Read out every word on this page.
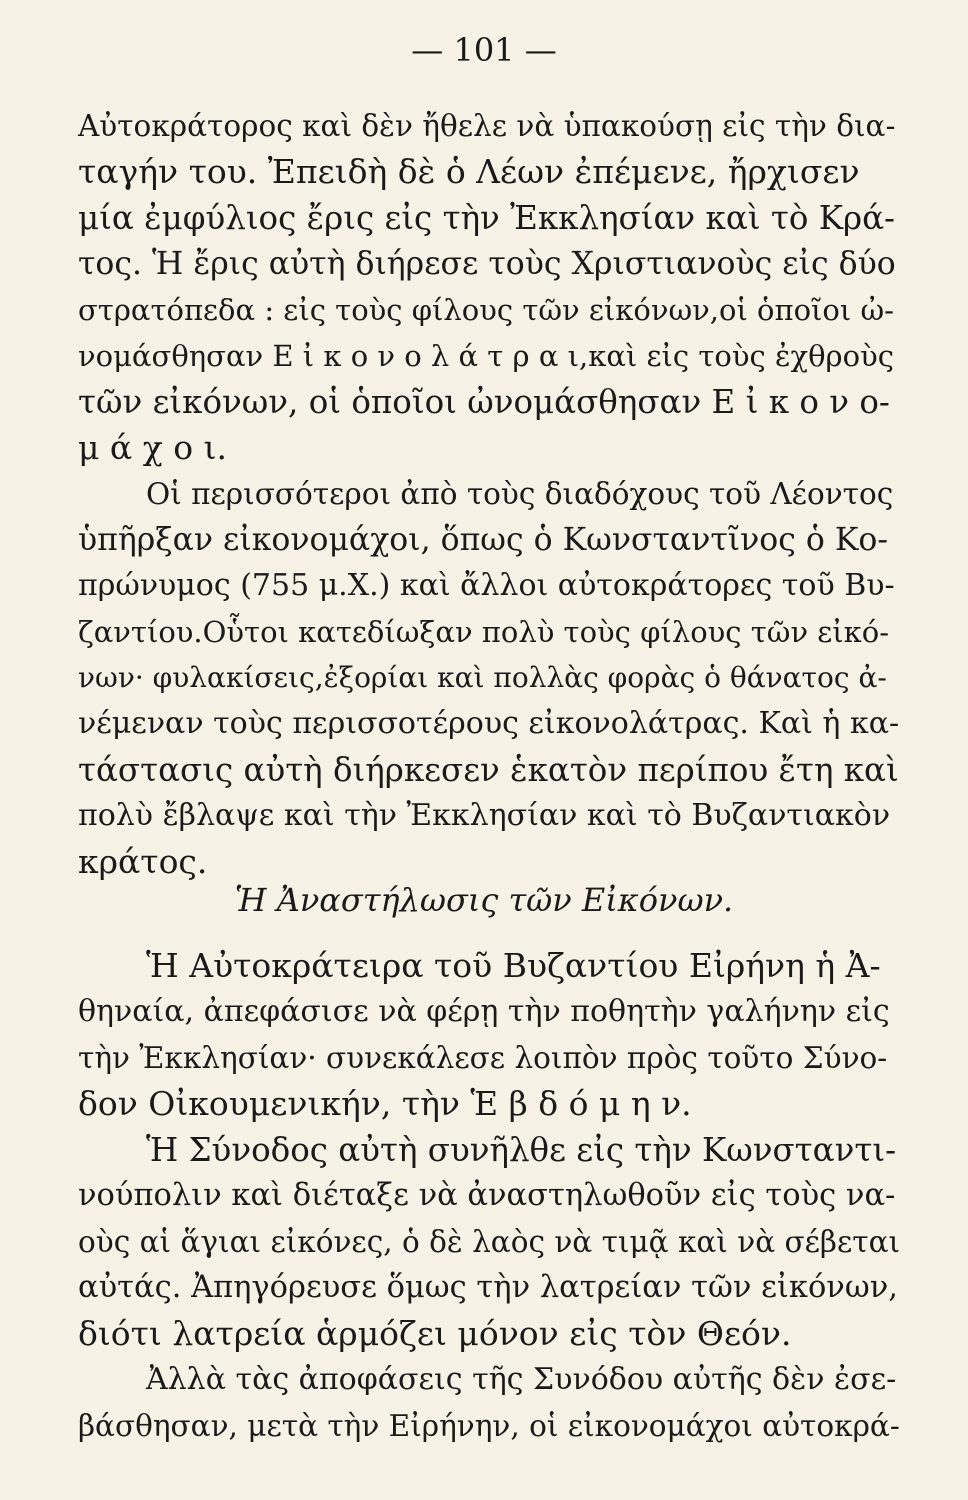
— 101 —
Αὐτοκράτορος καὶ δὲν ἤθελε νὰ ὑπακούσῃ εἰς τὴν δια-
ταγήν του. Ἐπειδὴ δὲ ὁ Λέων ἐπέμενε, ἤρχισεν
μία ἐμφύλιος ἔρις εἰς τὴν Ἐκκλησίαν καὶ τὸ Κρά-
τος. Ἡ ἔρις αὐτὴ διήρεσε τοὺς Χριστιανοὺς εἰς δύο
στρατόπεδα : εἰς τοὺς φίλους τῶν εἰκόνων,οἱ ὁποῖοι ὠ-
νομάσθησαν Ε ἰ κ ο ν ο λ ά τ ρ α ι,καὶ εἰς τοὺς ἐχθροὺς
τῶν εἰκόνων, οἱ ὁποῖοι ὠνομάσθησαν Ε ἰ κ ο ν ο-
μ ά χ ο ι.
Οἱ περισσότεροι ἀπὸ τοὺς διαδόχους τοῦ Λέοντος
ὑπῆρξαν εἰκονομάχοι, ὅπως ὁ Κωνσταντῖνος ὁ Κο-
πρώνυμος (755 μ.Χ.) καὶ ἄλλοι αὐτοκράτορες τοῦ Βυ-
ζαντίου.Οὗτοι κατεδίωξαν πολὺ τοὺς φίλους τῶν εἰκό-
νων· φυλακίσεις,ἐξορίαι καὶ πολλὰς φορὰς ὁ θάνατος ἀ-
νέμεναν τοὺς περισσοτέρους εἰκονολάτρας. Καὶ ἡ κα-
τάστασις αὐτὴ διήρκεσεν ἑκατὸν περίπου ἔτη καὶ
πολὺ ἔβλαψε καὶ τὴν Ἐκκλησίαν καὶ τὸ Βυζαντιακὸν
κράτος.
Ἡ Ἀναστήλωσις τῶν Εἰκόνων.
Ἡ Αὐτοκράτειρα τοῦ Βυζαντίου Εἰρήνη ἡ Ἀ-
θηναία, ἀπεφάσισε νὰ φέρῃ τὴν ποθητὴν γαλήνην εἰς
τὴν Ἐκκλησίαν· συνεκάλεσε λοιπὸν πρὸς τοῦτο Σύνο-
δον Οἰκουμενικήν, τὴν Ἑ β δ ό μ η ν.
Ἡ Σύνοδος αὐτὴ συνῆλθε εἰς τὴν Κωνσταντι-
νούπολιν καὶ διέταξε νὰ ἀναστηλωθοῦν εἰς τοὺς να-
οὺς αἱ ἅγιαι εἰκόνες, ὁ δὲ λαὸς νὰ τιμᾷ καὶ νὰ σέβεται
αὐτάς. Ἀπηγόρευσε ὅμως τὴν λατρείαν τῶν εἰκόνων,
διότι λατρεία ἁρμόζει μόνον εἰς τὸν Θεόν.
Ἀλλὰ τὰς ἀποφάσεις τῆς Συνόδου αὐτῆς δὲν ἐσε-
βάσθησαν, μετὰ τὴν Εἰρήνην, οἱ εἰκονομάχοι αὐτοκρά-
